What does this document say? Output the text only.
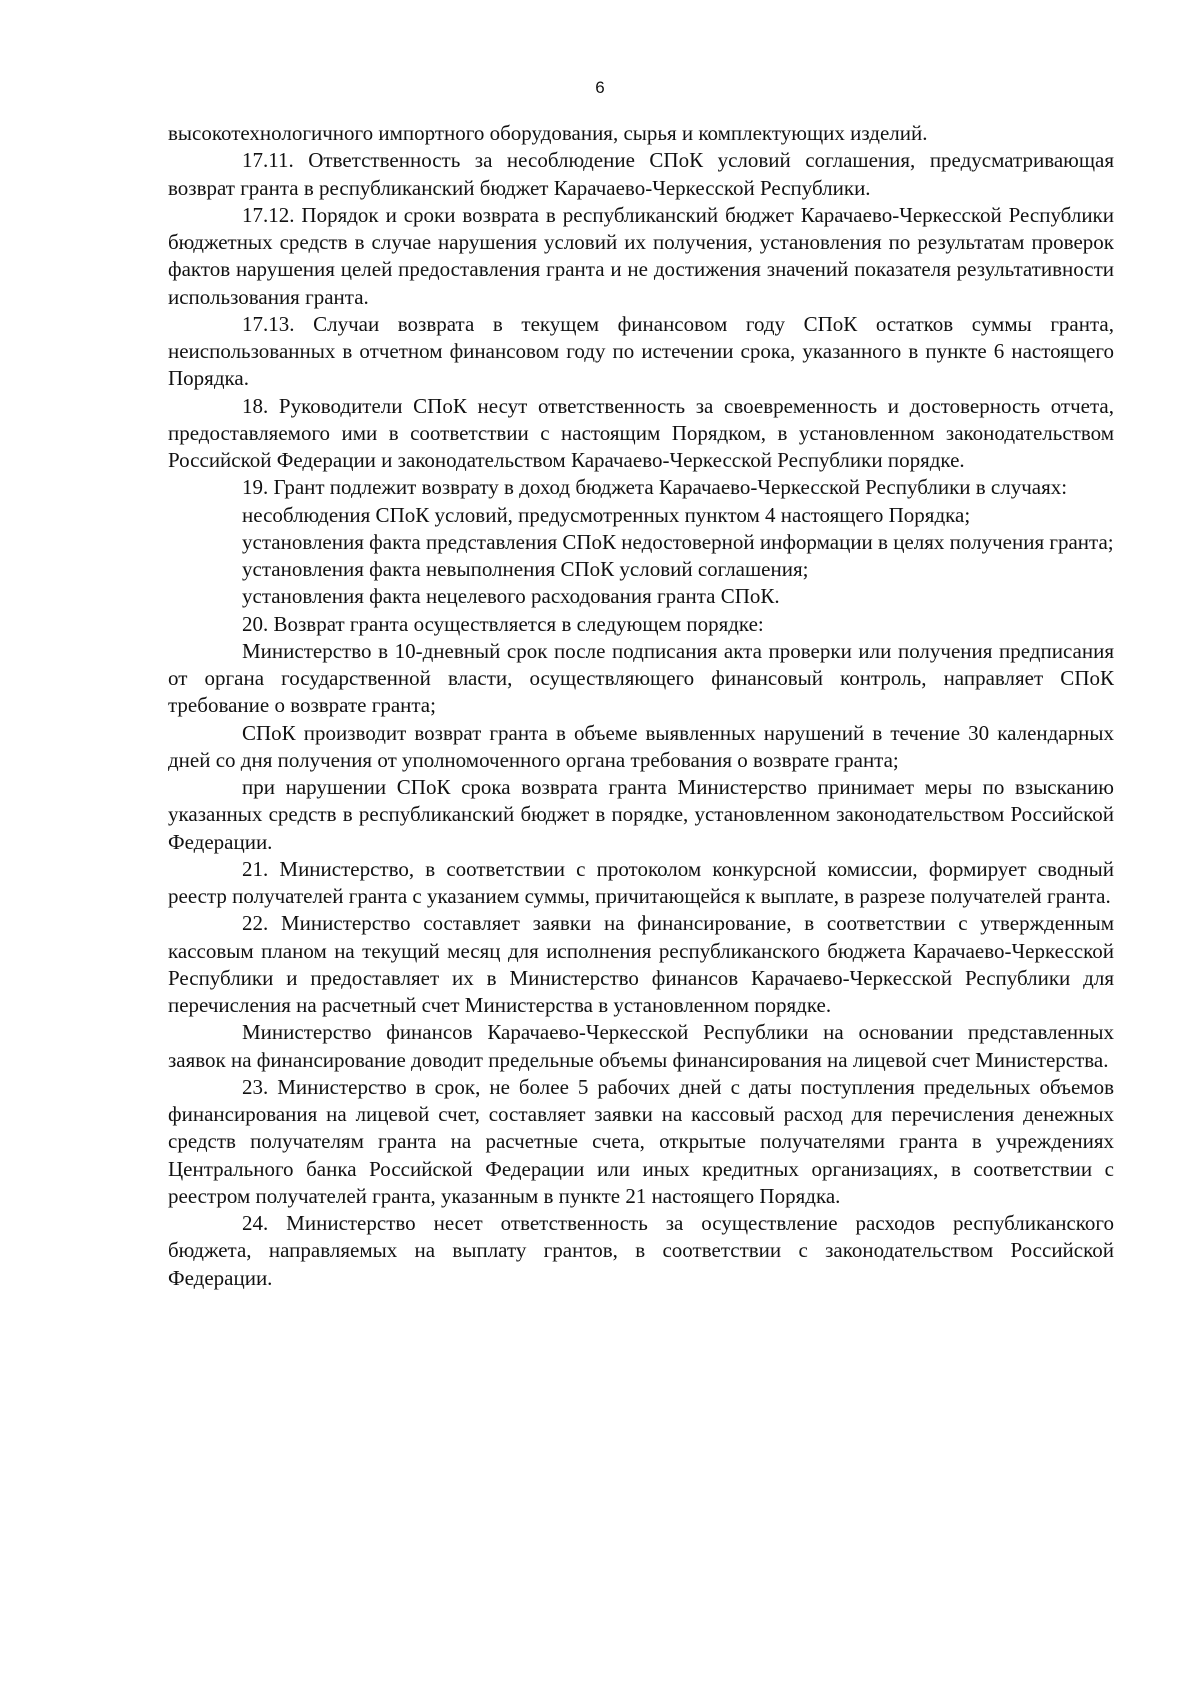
6

высокотехнологичного импортного оборудования, сырья и комплектующих изделий.

17.11. Ответственность за несоблюдение СПоК условий соглашения, предусматривающая возврат гранта в республиканский бюджет Карачаево-Черкесской Республики.

17.12. Порядок и сроки возврата в республиканский бюджет Карачаево-Черкесской Республики бюджетных средств в случае нарушения условий их получения, установления по результатам проверок фактов нарушения целей предоставления гранта и не достижения значений показателя результативности использования гранта.

17.13. Случаи возврата в текущем финансовом году СПоК остатков суммы гранта, неиспользованных в отчетном финансовом году по истечении срока, указанного в пункте 6 настоящего Порядка.

18. Руководители СПоК несут ответственность за своевременность и достоверность отчета, предоставляемого ими в соответствии с настоящим Порядком, в установленном законодательством Российской Федерации и законодательством Карачаево-Черкесской Республики порядке.

19. Грант подлежит возврату в доход бюджета Карачаево-Черкесской Республики в случаях:

несоблюдения СПоК условий, предусмотренных пунктом 4 настоящего Порядка;

установления факта представления СПоК недостоверной информации в целях получения гранта;

установления факта невыполнения СПоК условий соглашения;

установления факта нецелевого расходования гранта СПоК.

20. Возврат гранта осуществляется в следующем порядке:

Министерство в 10-дневный срок после подписания акта проверки или получения предписания от органа государственной власти, осуществляющего финансовый контроль, направляет СПоК требование о возврате гранта;

СПоК производит возврат гранта в объеме выявленных нарушений в течение 30 календарных дней со дня получения от уполномоченного органа требования о возврате гранта;

при нарушении СПоК срока возврата гранта Министерство принимает меры по взысканию указанных средств в республиканский бюджет в порядке, установленном законодательством Российской Федерации.

21. Министерство, в соответствии с протоколом конкурсной комиссии, формирует сводный реестр получателей гранта с указанием суммы, причитающейся к выплате, в разрезе получателей гранта.

22. Министерство составляет заявки на финансирование, в соответствии с утвержденным кассовым планом на текущий месяц для исполнения республиканского бюджета Карачаево-Черкесской Республики и предоставляет их в Министерство финансов Карачаево-Черкесской Республики для перечисления на расчетный счет Министерства в установленном порядке.

Министерство финансов Карачаево-Черкесской Республики на основании представленных заявок на финансирование доводит предельные объемы финансирования на лицевой счет Министерства.

23. Министерство в срок, не более 5 рабочих дней с даты поступления предельных объемов финансирования на лицевой счет, составляет заявки на кассовый расход для перечисления денежных средств получателям гранта на расчетные счета, открытые получателями гранта в учреждениях Центрального банка Российской Федерации или иных кредитных организациях, в соответствии с реестром получателей гранта, указанным в пункте 21 настоящего Порядка.

24. Министерство несет ответственность за осуществление расходов республиканского бюджета, направляемых на выплату грантов, в соответствии с законодательством Российской Федерации.
